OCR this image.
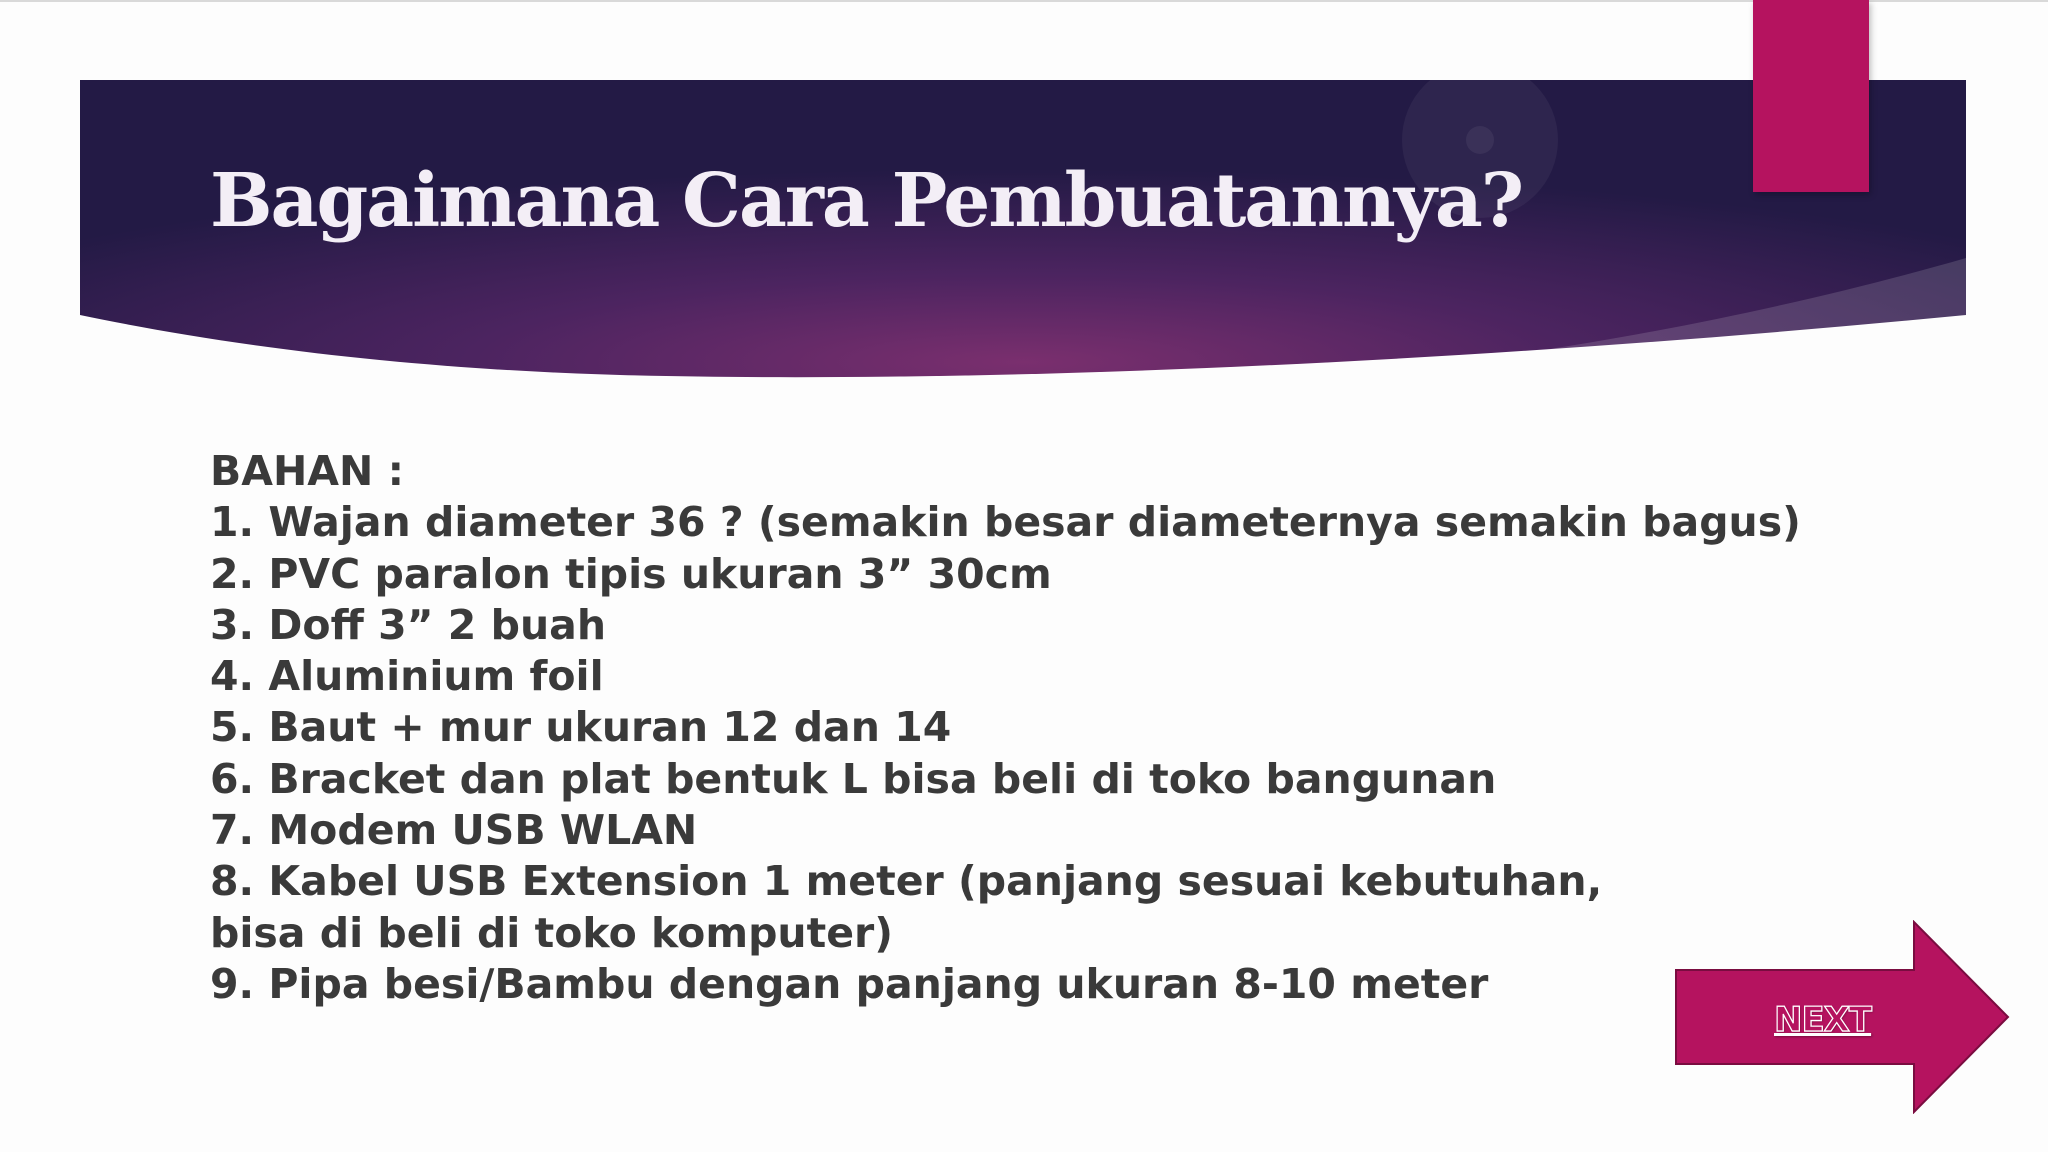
Bagaimana Cara Pembuatannya?
BAHAN :
1. Wajan diameter 36 ? (semakin besar diameternya semakin bagus)
2. PVC paralon tipis ukuran 3” 30cm
3. Doff 3” 2 buah
4. Aluminium foil
5. Baut + mur ukuran 12 dan 14
6. Bracket dan plat bentuk L bisa beli di toko bangunan
7. Modem USB WLAN
8. Kabel USB Extension 1 meter (panjang sesuai kebutuhan, bisa di beli di toko komputer)
9. Pipa besi/Bambu dengan panjang ukuran 8-10 meter
NEXT
